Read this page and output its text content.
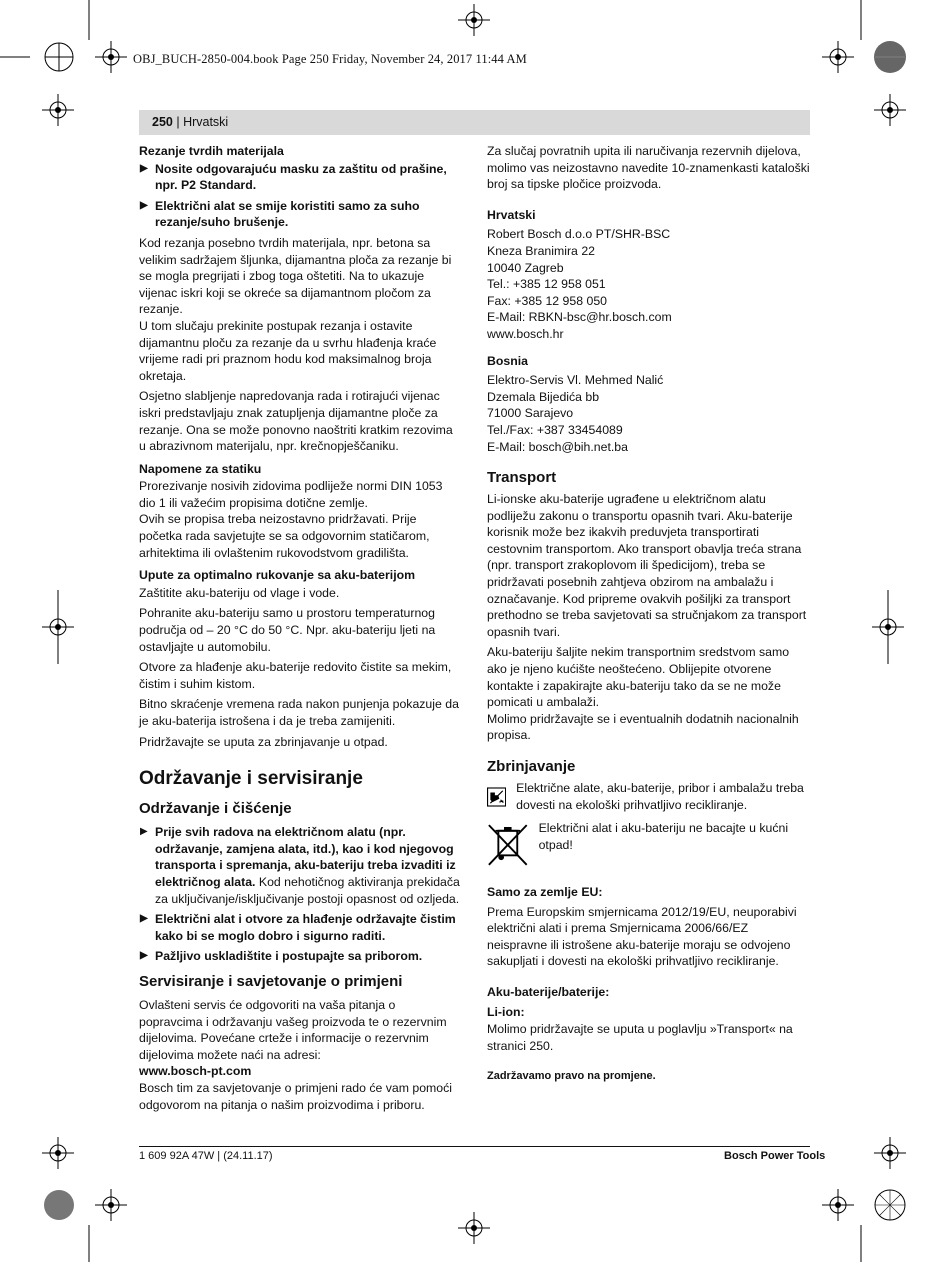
OBJ_BUCH-2850-004.book Page 250 Friday, November 24, 2017 11:44 AM
250 | Hrvatski
Rezanje tvrdih materijala
▶ Nosite odgovarajuću masku za zaštitu od prašine, npr. P2 Standard.
▶ Električni alat se smije koristiti samo za suho rezanje/suho brušenje.

Kod rezanja posebno tvrdih materijala, npr. betona sa velikim sadržajem šljunka, dijamantna ploča za rezanje bi se mogla pregrijati i zbog toga oštetiti. Na to ukazuje vijenac iskri koji se okreće sa dijamantnom pločom za rezanje.

U tom slučaju prekinite postupak rezanja i ostavite dijamantnu ploču za rezanje da u svrhu hlađenja kraće vrijeme radi pri praznom hodu kod maksimalnog broja okretaja.

Osjetno slabljenje napredovanja rada i rotirajući vijenac iskri predstavljaju znak zatupljenja dijamantne ploče za rezanje. Ona se može ponovno naoštriti kratkim rezovima u abrazivnom materijalu, npr. krečnopješčaniku.

Napomene za statiku

Prorezivanje nosivih zidovima podliježe normi DIN 1053 dio 1 ili važećim propisima dotične zemlje.

Ovih se propisa treba neizostavno pridržavati. Prije početka rada savjetujte se sa odgovornim statičarom, arhitektima ili ovlaštenim rukovodstvom gradilišta.

Upute za optimalno rukovanje sa aku-baterijom

Zaštitite aku-bateriju od vlage i vode.

Pohranite aku-bateriju samo u prostoru temperaturnog područja od – 20 °C do 50 °C. Npr. aku-bateriju ljeti na ostavljajte u automobilu.

Otvore za hlađenje aku-baterije redovito čistite sa mekim, čistim i suhim kistom.

Bitno skraćenje vremena rada nakon punjenja pokazuje da je aku-baterija istrošena i da je treba zamijeniti.

Pridržavajte se uputa za zbrinjavanje u otpad.

Održavanje i servisiranje
Održavanje i čišćenje
▶ Prije svih radova na električnom alatu (npr. održavanje, zamjena alata, itd.), kao i kod njegovog transporta i spremanja, aku-bateriju treba izvaditi iz električnog alata. Kod nehotičnog aktiviranja prekidača za uključivanje/isključivanje postoji opasnost od ozljeda.
▶ Električni alat i otvore za hlađenje održavajte čistim kako bi se moglo dobro i sigurno raditi.
▶ Pažljivo uskladištite i postupajte sa priborom.
Servisiranje i savjetovanje o primjeni

Ovlašteni servis će odgovoriti na vaša pitanja o popravcima i održavanju vašeg proizvoda te o rezervnim dijelovima. Povećane crteže i informacije o rezervnim dijelovima možete naći na adresi:

www.bosch-pt.com

Bosch tim za savjetovanje o primjeni rado će vam pomoći odgovorom na pitanja o našim proizvodima i priboru.

Za slučaj povratnih upita ili naručivanja rezervnih dijelova, molimo vas neizostavno navedite 10-znamenkasti kataloški broj sa tipske pločice proizvoda.

Hrvatski
Robert Bosch d.o.o PT/SHR-BSC
Kneza Branimira 22
10040 Zagreb
Tel.: +385 12 958 051
Fax: +385 12 958 050
E-Mail: RBKN-bsc@hr.bosch.com
www.bosch.hr
Bosnia
Elektro-Servis Vl. Mehmed Nalić
Dzemala Bijedića bb
71000 Sarajevo
Tel./Fax: +387 33454089
E-Mail: bosch@bih.net.ba
Transport

Li-ionske aku-baterije ugrađene u električnom alatu podliježu zakonu o transportu opasnih tvari. Aku-baterije korisnik može bez ikakvih preduvjeta transportirati cestovnim transportom. Ako transport obavlja treća strana (npr. transport zrakoplovom ili špedicijom), treba se pridržavati posebnih zahtjeva obzirom na ambalažu i označavanje. Kod pripreme ovakvih pošiljki za transport prethodno se treba savjetovati sa stručnjakom za transport opasnih tvari.

Aku-bateriju šaljite nekim transportnim sredstvom samo ako je njeno kućište neoštećeno. Oblijepite otvorene kontakte i zapakirajte aku-bateriju tako da se ne može pomicati u ambalaži.

Molimo pridržavajte se i eventualnih dodatnih nacionalnih propisa.

Zbrinjavanje
Električne alate, aku-baterije, pribor i ambalažu treba dovesti na ekološki prihvatljivo recikliranje.
Električni alat i aku-bateriju ne bacajte u kućni otpad!
Samo za zemlje EU:

Prema Europskim smjernicama 2012/19/EU, neuporabivi električni alati i prema Smjernicama 2006/66/EZ neispravne ili istrošene aku-baterije moraju se odvojeno sakupljati i dovesti na ekološki prihvatljivo recikliranje.

Aku-baterije/baterije:
Li-ion:

Molimo pridržavajte se uputa u poglavlju »Transport« na stranici 250.

Zadržavamo pravo na promjene.
1 609 92A 47W | (24.11.17)	Bosch Power Tools
